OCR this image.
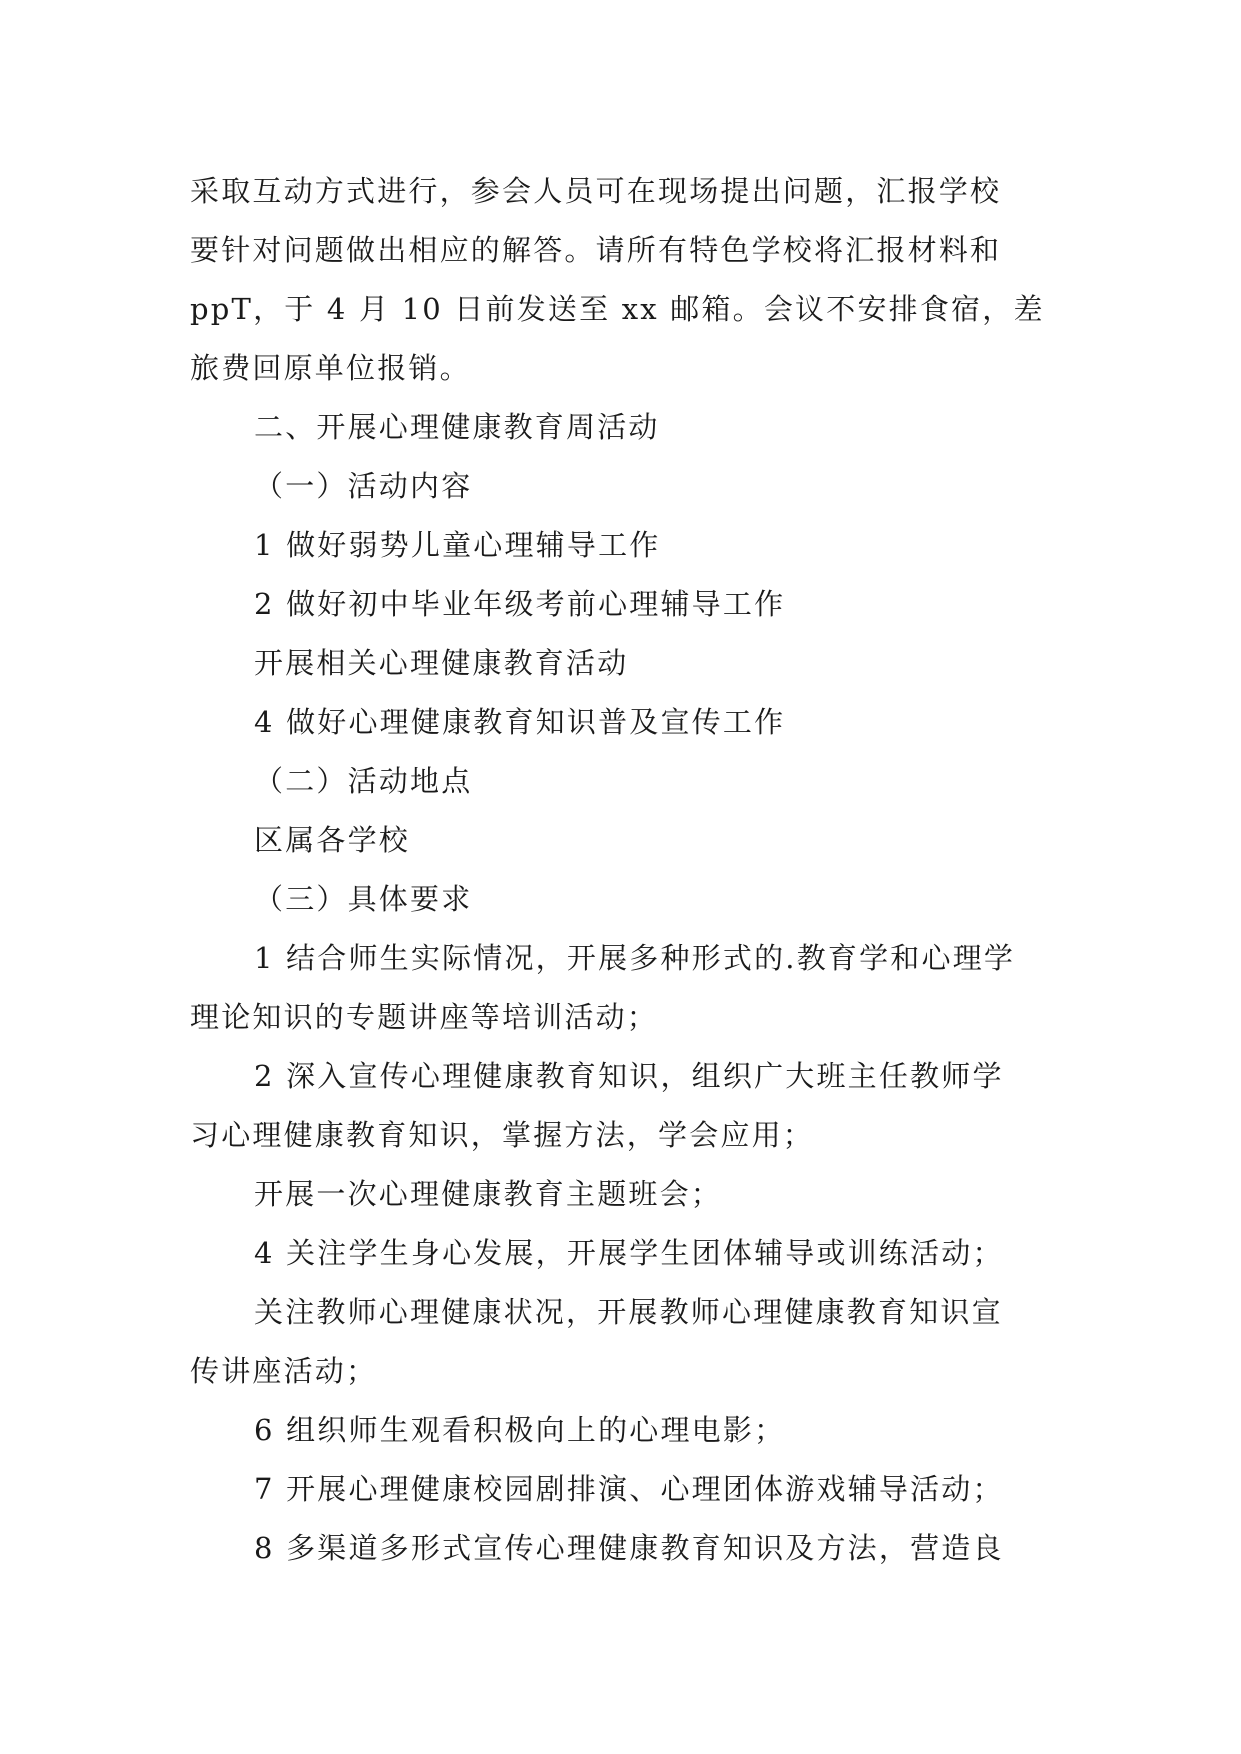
采取互动方式进行，参会人员可在现场提出问题，汇报学校
要针对问题做出相应的解答。请所有特色学校将汇报材料和
ppT，于 4 月 10 日前发送至 xx 邮箱。会议不安排食宿，差
旅费回原单位报销。
二、开展心理健康教育周活动
（一）活动内容
1 做好弱势儿童心理辅导工作
2 做好初中毕业年级考前心理辅导工作
开展相关心理健康教育活动
4 做好心理健康教育知识普及宣传工作
（二）活动地点
区属各学校
（三）具体要求
1 结合师生实际情况，开展多种形式的.教育学和心理学
理论知识的专题讲座等培训活动；
2 深入宣传心理健康教育知识，组织广大班主任教师学
习心理健康教育知识，掌握方法，学会应用；
开展一次心理健康教育主题班会；
4 关注学生身心发展，开展学生团体辅导或训练活动；
关注教师心理健康状况，开展教师心理健康教育知识宣
传讲座活动；
6 组织师生观看积极向上的心理电影；
7 开展心理健康校园剧排演、心理团体游戏辅导活动；
8 多渠道多形式宣传心理健康教育知识及方法，营造良
